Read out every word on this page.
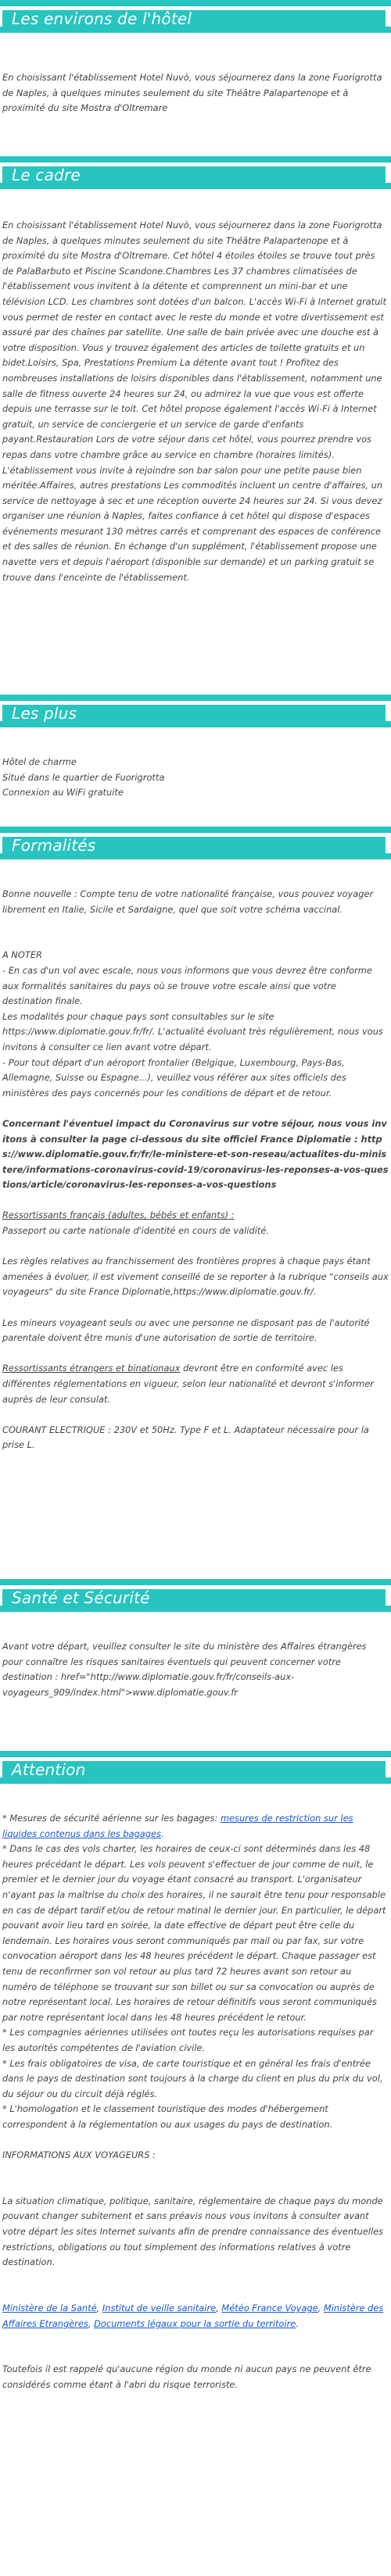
Les environs de l'hôtel

En choisissant l'établissement Hotel Nuvò, vous séjournerez dans la zone Fuorigrotta de Naples, à quelques minutes seulement du site Théâtre Palapartenope et à proximité du site Mostra d'Oltremare

Le cadre

En choisissant l'établissement Hotel Nuvò, vous séjournerez dans la zone Fuorigrotta de Naples, à quelques minutes seulement du site Théâtre Palapartenope et à proximité du site Mostra d'Oltremare. Cet hôtel 4 étoiles étoiles se trouve tout près de PalaBarbuto et Piscine Scandone.Chambres Les 37 chambres climatisées de l'établissement vous invitent à la détente et comprennent un mini-bar et une télévision LCD. Les chambres sont dotées d'un balcon. L'accès Wi-Fi à Internet gratuit vous permet de rester en contact avec le reste du monde et votre divertissement est assuré par des chaînes par satellite. Une salle de bain privée avec une douche est à votre disposition. Vous y trouvez également des articles de toilette gratuits et un bidet.Loisirs, Spa, Prestations Premium La détente avant tout ! Profitez des nombreuses installations de loisirs disponibles dans l'établissement, notamment une salle de fitness ouverte 24 heures sur 24, ou admirez la vue que vous est offerte depuis une terrasse sur le toit. Cet hôtel propose également l'accès Wi-Fi à Internet gratuit, un service de conciergerie et un service de garde d'enfants payant.Restauration Lors de votre séjour dans cet hôtel, vous pourrez prendre vos repas dans votre chambre grâce au service en chambre (horaires limités). L'établissement vous invite à rejoindre son bar salon pour une petite pause bien méritée.Affaires, autres prestations Les commodités incluent un centre d'affaires, un service de nettoyage à sec et une réception ouverte 24 heures sur 24. Si vous devez organiser une réunion à Naples, faites confiance à cet hôtel qui dispose d'espaces événements mesurant 130 mètres carrés et comprenant des espaces de conférence et des salles de réunion. En échange d'un supplément, l'établissement propose une navette vers et depuis l'aéroport (disponible sur demande) et un parking gratuit se trouve dans l'enceinte de l'établissement.

Les plus

Hôtel de charme

Situé dans le quartier de Fuorigrotta

Connexion au WiFi gratuite

Formalités

Bonne nouvelle : Compte tenu de votre nationalité française, vous pouvez voyager librement en Italie, Sicile et Sardaigne, quel que soit votre schéma vaccinal.

A NOTER
- En cas d'un vol avec escale, nous vous informons que vous devrez être conforme aux formalités sanitaires du pays où se trouve votre escale ainsi que votre destination finale.
Les modalités pour chaque pays sont consultables sur le site https://www.diplomatie.gouv.fr/fr/. L'actualité évoluant très régulièrement, nous vous invitons à consulter ce lien avant votre départ.
- Pour tout départ d'un aéroport frontalier (Belgique, Luxembourg, Pays-Bas, Allemagne, Suisse ou Espagne...), veuillez vous référer aux sites officiels des ministères des pays concernés pour les conditions de départ et de retour.

Concernant l'éventuel impact du Coronavirus sur votre séjour, nous vous invitons à consulter la page ci-dessous du site officiel France Diplomatie : https://www.diplomatie.gouv.fr/fr/le-ministere-et-son-reseau/actualites-du-ministere/informations-coronavirus-covid-19/coronavirus-les-reponses-a-vos-questions/article/coronavirus-les-reponses-a-vos-questions

Ressortissants français (adultes, bébés et enfants) :
Passeport ou carte nationale d'identité en cours de validité.

Les règles relatives au franchissement des frontières propres à chaque pays étant amenées à évoluer, il est vivement conseillé de se reporter à la rubrique "conseils aux voyageurs" du site France Diplomatie,https://www.diplomatie.gouv.fr/.

Les mineurs voyageant seuls ou avec une personne ne disposant pas de l'autorité parentale doivent être munis d'une autorisation de sortie de territoire.

Ressortissants étrangers et binationaux devront être en conformité avec les différentes réglementations en vigueur, selon leur nationalité et devront s'informer auprès de leur consulat.

COURANT ELECTRIQUE : 230V et 50Hz. Type F et L. Adaptateur nécessaire pour la prise L.

Santé et Sécurité

Avant votre départ, veuillez consulter le site du ministère des Affaires étrangères pour connaître les risques sanitaires éventuels qui peuvent concerner votre destination : href="http://www.diplomatie.gouv.fr/fr/conseils-aux-voyageurs_909/index.html">www.diplomatie.gouv.fr

Attention

* Mesures de sécurité aérienne sur les bagages: mesures de restriction sur les liquides contenus dans les bagages.

* Dans le cas des vols charter, les horaires de ceux-ci sont déterminés dans les 48 heures précédant le départ. Les vols peuvent s'effectuer de jour comme de nuit, le premier et le dernier jour du voyage étant consacré au transport. L'organisateur n'ayant pas la maîtrise du choix des horaires, il ne saurait être tenu pour responsable en cas de départ tardif et/ou de retour matinal le dernier jour. En particulier, le départ pouvant avoir lieu tard en soirée, la date effective de départ peut être celle du lendemain. Les horaires vous seront communiqués par mail ou par fax, sur votre convocation aéroport dans les 48 heures précédent le départ. Chaque passager est tenu de reconfirmer son vol retour au plus tard 72 heures avant son retour au numéro de téléphone se trouvant sur son billet ou sur sa convocation ou auprès de notre représentant local. Les horaires de retour définitifs vous seront communiqués par notre représentant local dans les 48 heures précédent le retour.

* Les compagnies aériennes utilisées ont toutes reçu les autorisations requises par les autorités compétentes de l'aviation civile.

* Les frais obligatoires de visa, de carte touristique et en général les frais d'entrée dans le pays de destination sont toujours à la charge du client en plus du prix du vol, du séjour ou du circuit déjà réglés.

* L'homologation et le classement touristique des modes d'hébergement correspondent à la réglementation ou aux usages du pays de destination.

INFORMATIONS AUX VOYAGEURS :

La situation climatique, politique, sanitaire, réglementaire de chaque pays du monde pouvant changer subitement et sans préavis nous vous invitons à consulter avant votre départ les sites Internet suivants afin de prendre connaissance des éventuelles restrictions, obligations ou tout simplement des informations relatives à votre destination.

Ministère de la Santé, Institut de veille sanitaire, Météo France Voyage, Ministère des Affaires Etrangères, Documents légaux pour la sortie du territoire.

Toutefois il est rappelé qu'aucune région du monde ni aucun pays ne peuvent être considérés comme étant à l'abri du risque terroriste.
